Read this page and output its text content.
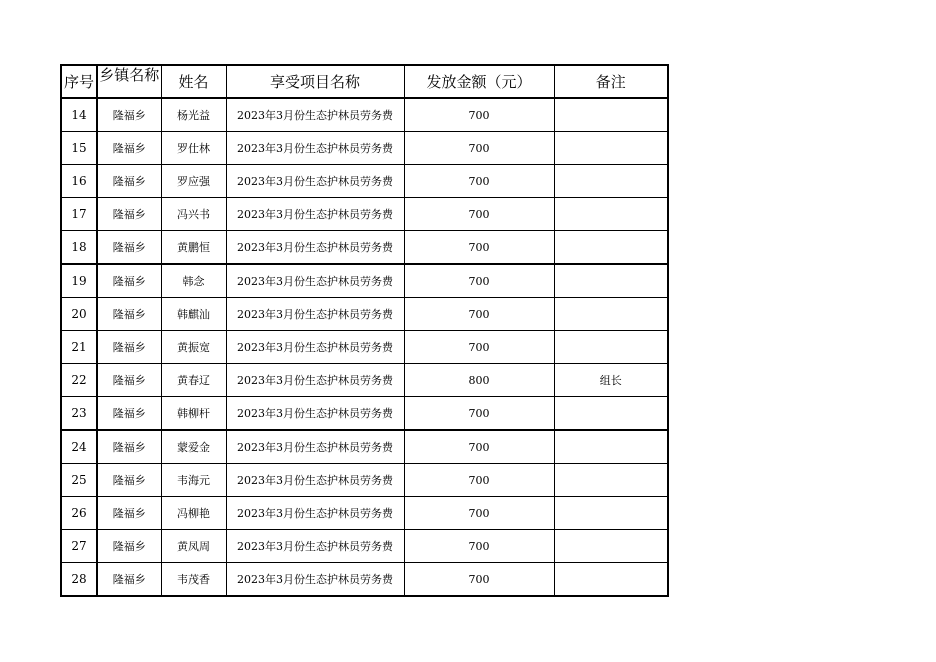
序号	乡镇名称	姓名	享受项目名称	发放金额（元）	备注
14	隆福乡	杨光益	2023年3月份生态护林员劳务费	700	
15	隆福乡	罗仕林	2023年3月份生态护林员劳务费	700	
16	隆福乡	罗应强	2023年3月份生态护林员劳务费	700	
17	隆福乡	冯兴书	2023年3月份生态护林员劳务费	700	
18	隆福乡	黄鹏恒	2023年3月份生态护林员劳务费	700	
19	隆福乡	韩念	2023年3月份生态护林员劳务费	700	
20	隆福乡	韩麒汕	2023年3月份生态护林员劳务费	700	
21	隆福乡	黄振宽	2023年3月份生态护林员劳务费	700	
22	隆福乡	黄春辽	2023年3月份生态护林员劳务费	800	组长
23	隆福乡	韩柳杆	2023年3月份生态护林员劳务费	700	
24	隆福乡	蒙爱金	2023年3月份生态护林员劳务费	700	
25	隆福乡	韦海元	2023年3月份生态护林员劳务费	700	
26	隆福乡	冯柳艳	2023年3月份生态护林员劳务费	700	
27	隆福乡	黄凤周	2023年3月份生态护林员劳务费	700	
28	隆福乡	韦茂香	2023年3月份生态护林员劳务费	700	
